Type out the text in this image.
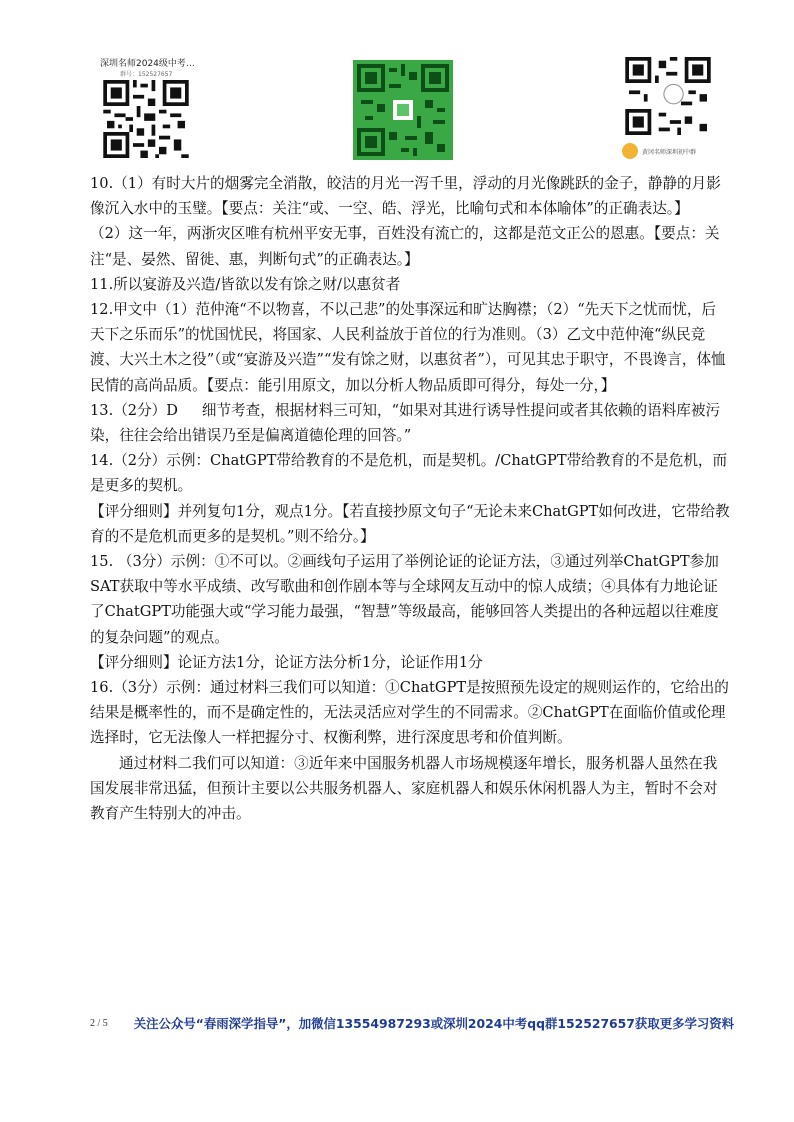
深圳名师2024级中考…
群号：152527657
黄冈名师深圳初中群

10.（1）有时大片的烟雾完全消散，皎洁的月光一泻千里，浮动的月光像跳跃的金子，静静的月影像沉入水中的玉璧。【要点：关注“或、一空、皓、浮光，比喻句式和本体喻体”的正确表达。】

（2）这一年，两浙灾区唯有杭州平安无事，百姓没有流亡的，这都是范文正公的恩惠。【要点：关注“是、晏然、留徙、惠，判断句式”的正确表达。】

11.所以宴游及兴造/皆欲以发有馀之财/以惠贫者

12.甲文中（1）范仲淹“不以物喜，不以己悲”的处事深远和旷达胸襟；（2）“先天下之忧而忧，后天下之乐而乐”的忧国忧民，将国家、人民利益放于首位的行为准则。（3）乙文中范仲淹“纵民竞渡、大兴土木之役”（或“宴游及兴造”“发有馀之财，以惠贫者”），可见其忠于职守，不畏谗言，体恤民情的高尚品质。【要点：能引用原文，加以分析人物品质即可得分，每处一分，】

13.（2分）D 　 细节考查，根据材料三可知，“如果对其进行诱导性提问或者其依赖的语料库被污染，往往会给出错误乃至是偏离道德伦理的回答。”

14.（2分）示例：ChatGPT带给教育的不是危机，而是契机。/ChatGPT带给教育的不是危机，而是更多的契机。

【评分细则】并列复句1分，观点1分。【若直接抄原文句子“无论未来ChatGPT如何改进，它带给教育的不是危机而更多的是契机。”则不给分。】

15. （3分）示例：①不可以。②画线句子运用了举例论证的论证方法，③通过列举ChatGPT参加SAT获取中等水平成绩、改写歌曲和创作剧本等与全球网友互动中的惊人成绩；④具体有力地论证了ChatGPT功能强大或“学习能力最强，“智慧”等级最高，能够回答人类提出的各种远超以往难度的复杂问题”的观点。

【评分细则】论证方法1分，论证方法分析1分，论证作用1分

16.（3分）示例：通过材料三我们可以知道：①ChatGPT是按照预先设定的规则运作的，它给出的结果是概率性的，而不是确定性的，无法灵活应对学生的不同需求。②ChatGPT在面临价值或伦理选择时，它无法像人一样把握分寸、权衡利弊，进行深度思考和价值判断。

通过材料二我们可以知道：③近年来中国服务机器人市场规模逐年增长，服务机器人虽然在我国发展非常迅猛，但预计主要以公共服务机器人、家庭机器人和娱乐休闲机器人为主，暂时不会对教育产生特别大的冲击。

$^{2 / 5}$ 关注公众号“春雨深学指导”，加微信13554987293或深圳2024中考qq群152527657获取更多学习资料
